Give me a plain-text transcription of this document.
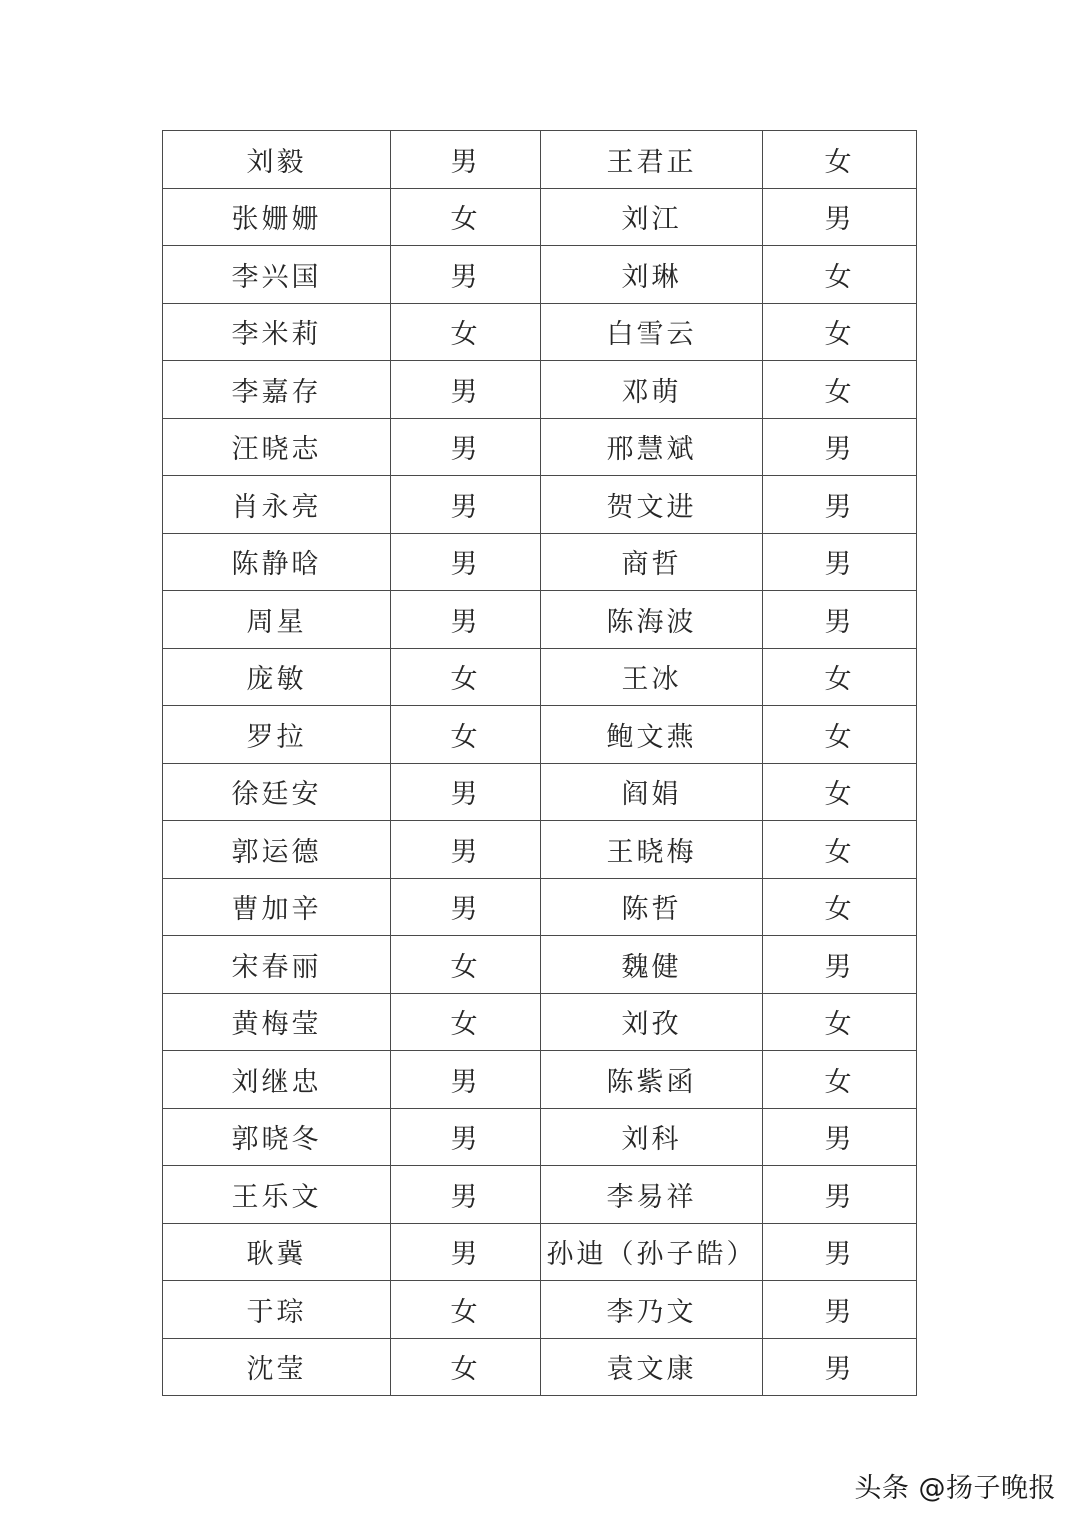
刘毅	男	王君正	女
张姗姗	女	刘江	男
李兴国	男	刘琳	女
李米莉	女	白雪云	女
李嘉存	男	邓萌	女
汪晓志	男	邢慧斌	男
肖永亮	男	贺文进	男
陈静晗	男	商哲	男
周星	男	陈海波	男
庞敏	女	王冰	女
罗拉	女	鲍文燕	女
徐廷安	男	阎娟	女
郭运德	男	王晓梅	女
曹加辛	男	陈哲	女
宋春丽	女	魏健	男
黄梅莹	女	刘孜	女
刘继忠	男	陈紫函	女
郭晓冬	男	刘科	男
王乐文	男	李易祥	男
耿冀	男	孙迪（孙子皓）	男
于琮	女	李乃文	男
沈莹	女	袁文康	男
头条 @扬子晚报
